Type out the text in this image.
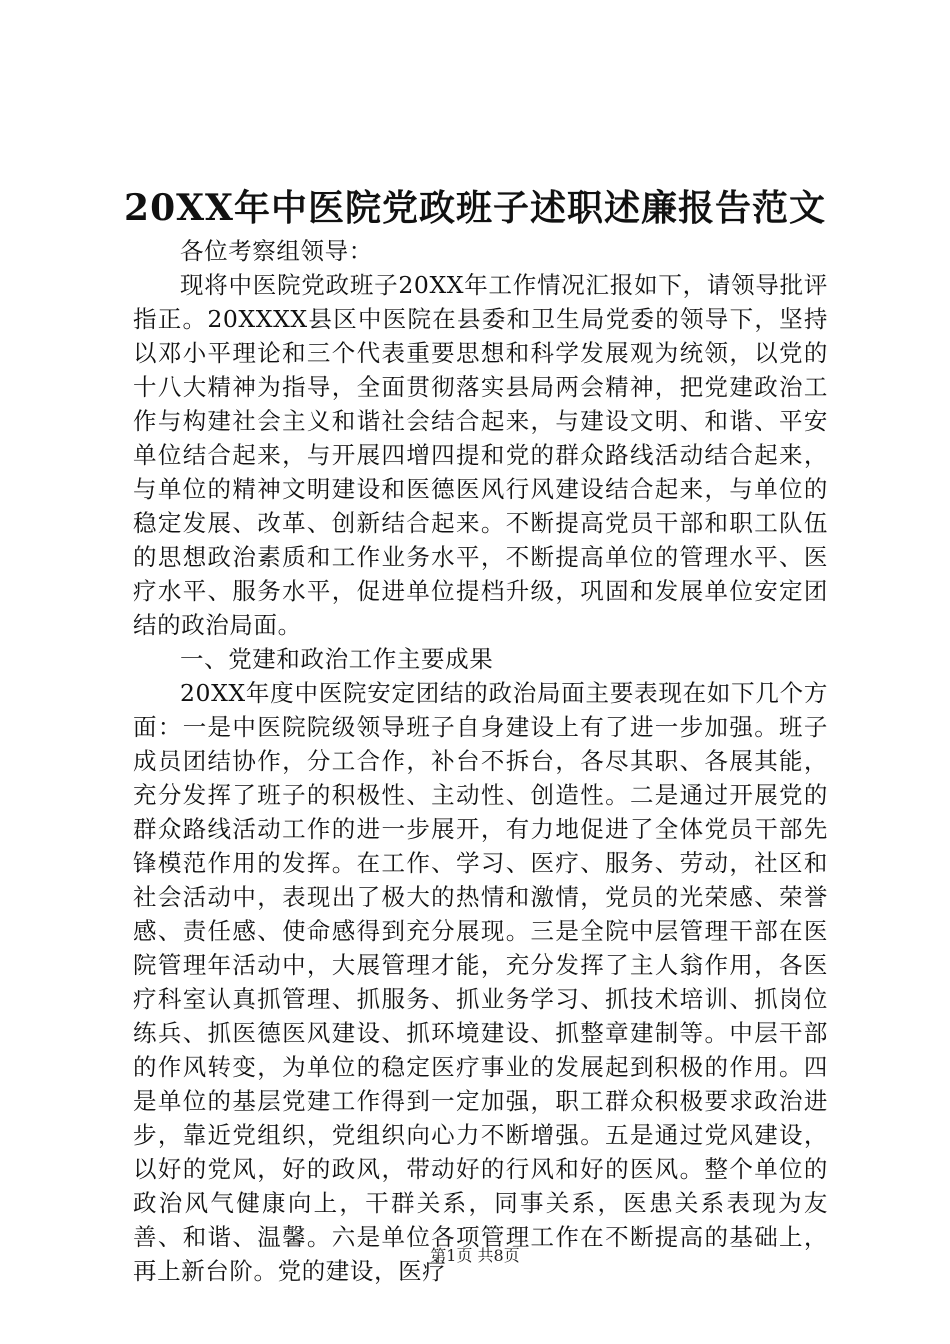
20XX年中医院党政班子述职述廉报告范文

各位考察组领导：

现将中医院党政班子20XX年工作情况汇报如下，请领导批评指正。20XXXX县区中医院在县委和卫生局党委的领导下，坚持以邓小平理论和三个代表重要思想和科学发展观为统领，以党的十八大精神为指导，全面贯彻落实县局两会精神，把党建政治工作与构建社会主义和谐社会结合起来，与建设文明、和谐、平安单位结合起来，与开展四增四提和党的群众路线活动结合起来，与单位的精神文明建设和医德医风行风建设结合起来，与单位的稳定发展、改革、创新结合起来。不断提高党员干部和职工队伍的思想政治素质和工作业务水平，不断提高单位的管理水平、医疗水平、服务水平，促进单位提档升级，巩固和发展单位安定团结的政治局面。

一、党建和政治工作主要成果

20XX年度中医院安定团结的政治局面主要表现在如下几个方面：一是中医院院级领导班子自身建设上有了进一步加强。班子成员团结协作，分工合作，补台不拆台，各尽其职、各展其能，充分发挥了班子的积极性、主动性、创造性。二是通过开展党的群众路线活动工作的进一步展开，有力地促进了全体党员干部先锋模范作用的发挥。在工作、学习、医疗、服务、劳动，社区和社会活动中，表现出了极大的热情和激情，党员的光荣感、荣誉感、责任感、使命感得到充分展现。三是全院中层管理干部在医院管理年活动中，大展管理才能，充分发挥了主人翁作用，各医疗科室认真抓管理、抓服务、抓业务学习、抓技术培训、抓岗位练兵、抓医德医风建设、抓环境建设、抓整章建制等。中层干部的作风转变，为单位的稳定医疗事业的发展起到积极的作用。四是单位的基层党建工作得到一定加强，职工群众积极要求政治进步，靠近党组织，党组织向心力不断增强。五是通过党风建设，以好的党风，好的政风，带动好的行风和好的医风。整个单位的政治风气健康向上，干群关系，同事关系，医患关系表现为友善、和谐、温馨。六是单位各项管理工作在不断提高的基础上，再上新台阶。党的建设，医疗

第1页 共8页
